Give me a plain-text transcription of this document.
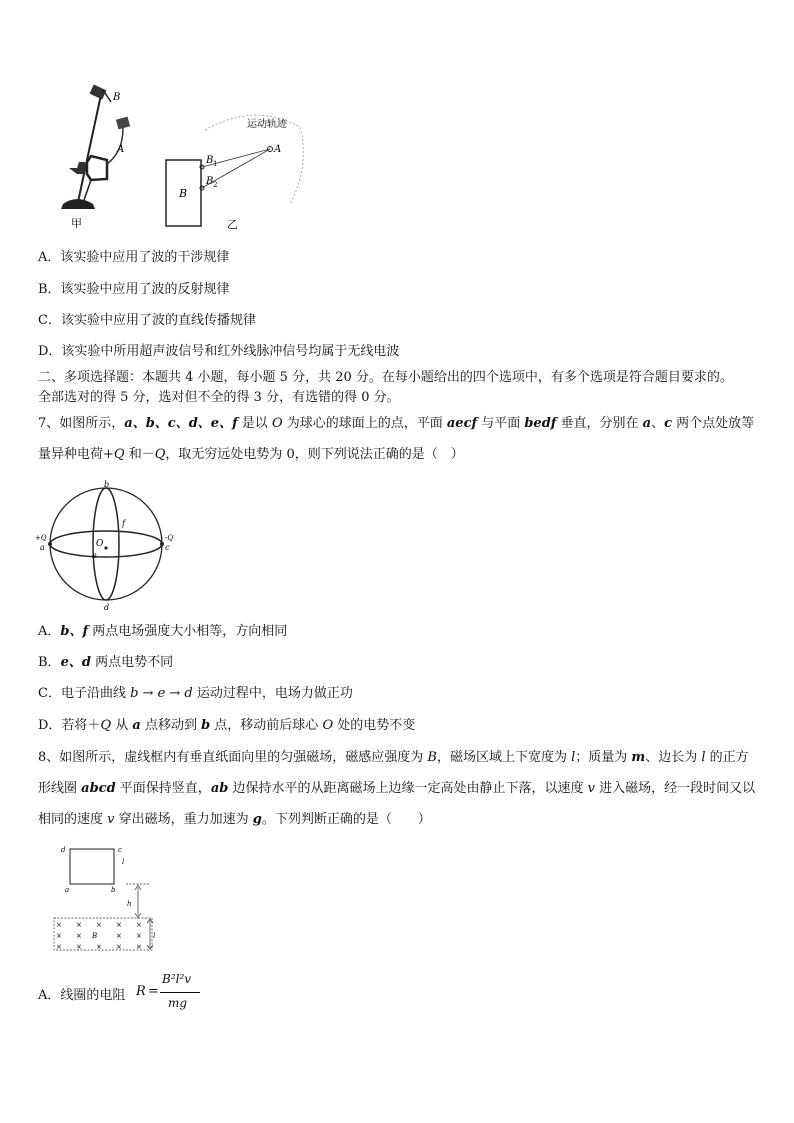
B
A
甲
运动轨迹
B
A
B 1
B 2
乙
A．该实验中应用了波的干涉规律
B．该实验中应用了波的反射规律
C．该实验中应用了波的直线传播规律
D．该实验中所用超声波信号和红外线脉冲信号均属于无线电波
二、多项选择题：本题共 4 小题，每小题 5 分，共 20 分。在每小题给出的四个选项中，有多个选项是符合题目要求的。
全部选对的得 5 分，选对但不全的得 3 分，有选错的得 0 分。
7、如图所示，a、b、c、d、e、f 是以 O 为球心的球面上的点，平面 aecf 与平面 bedf 垂直，分别在 a、c 两个点处放等量异种电荷+Q 和－Q，取无穷远处电势为 0，则下列说法正确的是（　）
b
d
f
a	c
e
O
+Q	-Q
A．b、f 两点电场强度大小相等，方向相同
B．e、d 两点电势不同
C．电子沿曲线 b → e → d 运动过程中，电场力做正功
D．若将＋Q 从 a 点移动到 b 点，移动前后球心 O 处的电势不变
8、如图所示，虚线框内有垂直纸面向里的匀强磁场，磁感应强度为 B，磁场区域上下宽度为 l；质量为 m、边长为 l 的正方形线圈 abcd 平面保持竖直，ab 边保持水平的从距离磁场上边缘一定高处由静止下落，以速度 v 进入磁场，经一段时间又以相同的速度 v 穿出磁场，重力加速为 g。下列判断正确的是（　　）
d	c
a	b
l
h
l
B
× × × × ×
× ×	× ×
× × × × ×
A．线圈的电阻 R =
B²l²v
mg
